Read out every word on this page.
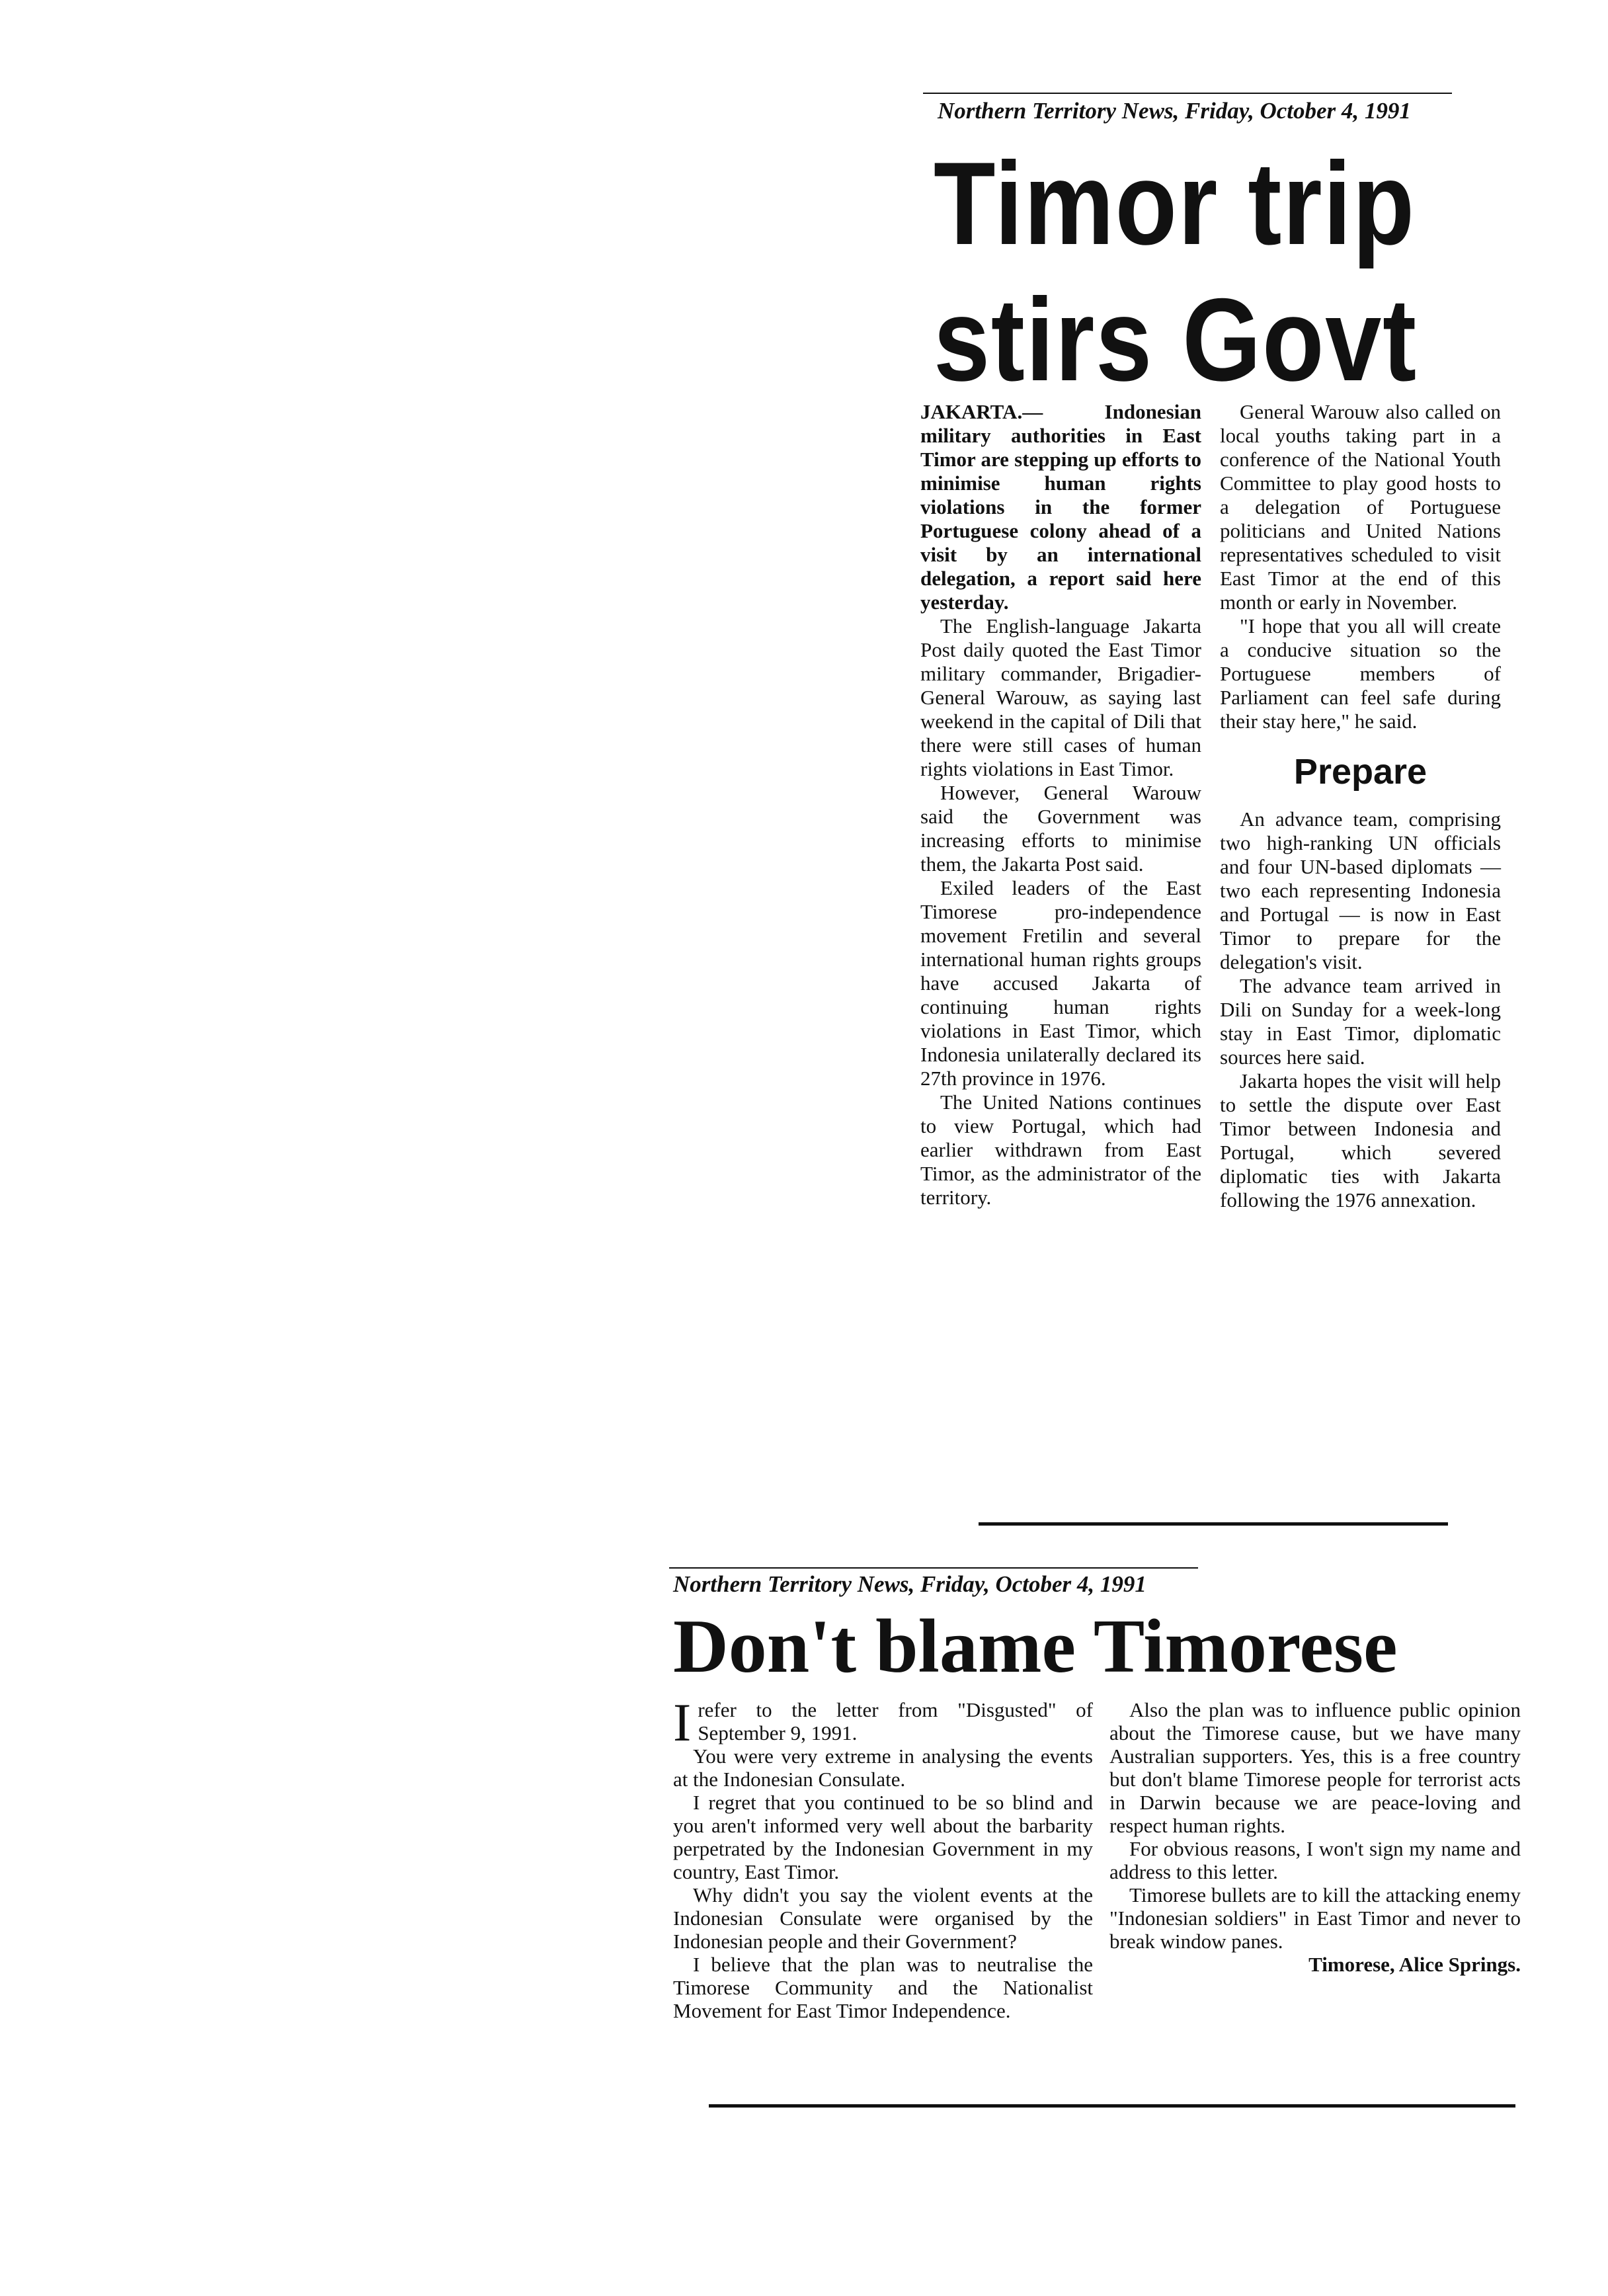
Northern Territory News, Friday, October 4, 1991
Timor trip
stirs Govt

JAKARTA.— Indonesian military authorities in East Timor are stepping up efforts to minimise human rights violations in the former Portuguese colony ahead of a visit by an international delegation, a report said here yesterday.

The English-language Jakarta Post daily quoted the East Timor military commander, Brigadier-General Warouw, as saying last weekend in the capital of Dili that there were still cases of human rights violations in East Timor.

However, General Warouw said the Government was increasing efforts to minimise them, the Jakarta Post said.

Exiled leaders of the East Timorese pro-independence movement Fretilin and several international human rights groups have accused Jakarta of continuing human rights violations in East Timor, which Indonesia unilaterally declared its 27th province in 1976.

The United Nations continues to view Portugal, which had earlier withdrawn from East Timor, as the administrator of the territory.

General Warouw also called on local youths taking part in a conference of the National Youth Committee to play good hosts to a delegation of Portuguese politicians and United Nations representatives scheduled to visit East Timor at the end of this month or early in November.

"I hope that you all will create a conducive situation so the Portuguese members of Parliament can feel safe during their stay here," he said.

Prepare

An advance team, comprising two high-ranking UN officials and four UN-based diplomats — two each representing Indonesia and Portugal — is now in East Timor to prepare for the delegation's visit.

The advance team arrived in Dili on Sunday for a week-long stay in East Timor, diplomatic sources here said.

Jakarta hopes the visit will help to settle the dispute over East Timor between Indonesia and Portugal, which severed diplomatic ties with Jakarta following the 1976 annexation.

Northern Territory News, Friday, October 4, 1991
Don't blame Timorese

Irefer to the letter from "Disgusted" of September 9, 1991.

You were very extreme in analysing the events at the Indonesian Consulate.

I regret that you continued to be so blind and you aren't informed very well about the barbarity perpetrated by the Indonesian Government in my country, East Timor.

Why didn't you say the violent events at the Indonesian Consulate were organised by the Indonesian people and their Government?

I believe that the plan was to neutralise the Timorese Community and the Nationalist Movement for East Timor Independence.

Also the plan was to influence public opinion about the Timorese cause, but we have many Australian supporters. Yes, this is a free country but don't blame Timorese people for terrorist acts in Darwin because we are peace-loving and respect human rights.

For obvious reasons, I won't sign my name and address to this letter.

Timorese bullets are to kill the attacking enemy "Indonesian soldiers" in East Timor and never to break window panes.

Timorese, Alice Springs.
